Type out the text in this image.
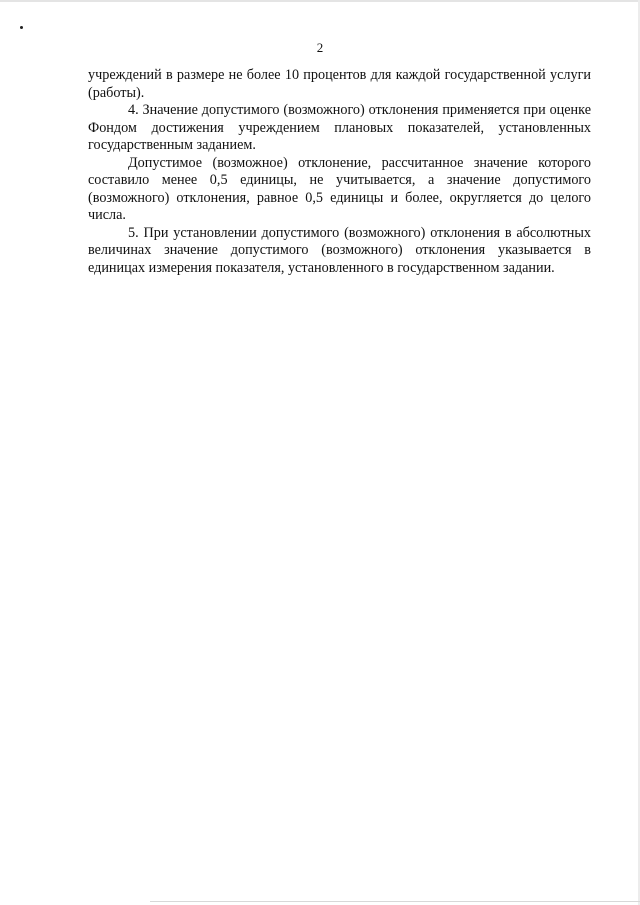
2

учреждений в размере не более 10 процентов для каждой государственной услуги (работы).

4. Значение допустимого (возможного) отклонения применяется при оценке Фондом достижения учреждением плановых показателей, установленных государственным заданием.

Допустимое (возможное) отклонение, рассчитанное значение которого составило менее 0,5 единицы, не учитывается, а значение допустимого (возможного) отклонения, равное 0,5 единицы и более, округляется до целого числа.

5. При установлении допустимого (возможного) отклонения в абсолютных величинах значение допустимого (возможного) отклонения указывается в единицах измерения показателя, установленного в государственном задании.
